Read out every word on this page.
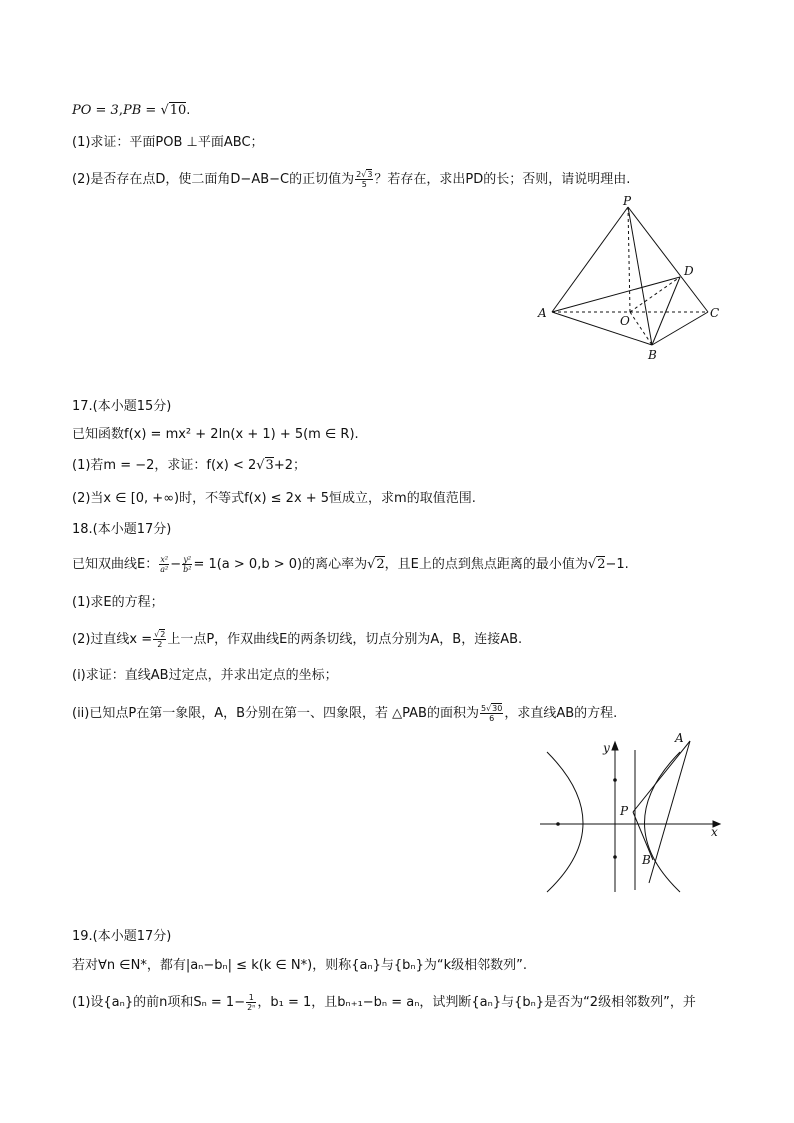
PO = 3,PB = √10.
(1)求证：平面POB ⊥平面ABC；
(2)是否存在点D，使二面角D−AB−C的正切值为 $\frac{2√3}{5}$ ？若存在，求出PD的长；否则，请说明理由.
P
D
A
O
C
B
17.(本小题15分)
已知函数f(x) = mx² + 2ln(x + 1) + 5(m ∈ R).
(1)若m = −2，求证：f(x) < 2√3+2；
(2)当x ∈ [0, +∞)时，不等式f(x) ≤ 2x + 5恒成立，求m的取值范围.
18.(本小题17分)
已知双曲线E： $\frac{\text{x²}}{\text{a²}} - \frac{\text{y²}}{\text{b²}} = 1(a > 0,b > 0)$的离心率为√2，且E上的点到焦点距离的最小值为√2−1.
(1)求E的方程；
(2)过直线$x = \frac{√2}{2}$ 上一点P，作双曲线E的两条切线，切点分别为A，B，连接AB.
(i)求证：直线AB过定点，并求出定点的坐标；
(ii)已知点P在第一象限，A，B分别在第一、四象限，若 △PAB的面积为 $\frac{5√30}{6}$ ，求直线AB的方程.
y
A
P
x
B
19.(本小题17分)
若对∀n ∈N*，都有|aₙ−bₙ| ≤ k(k ∈ N*)，则称{aₙ}与{bₙ}为“k级相邻数列”.
(1)设{aₙ}的前n项和$S_n = 1- \frac{1}{\text{2ⁿ}}$ ，b₁ = 1，且bₙ₊₁−bₙ = aₙ，试判断{aₙ}与{bₙ}是否为“2级相邻数列”，并
